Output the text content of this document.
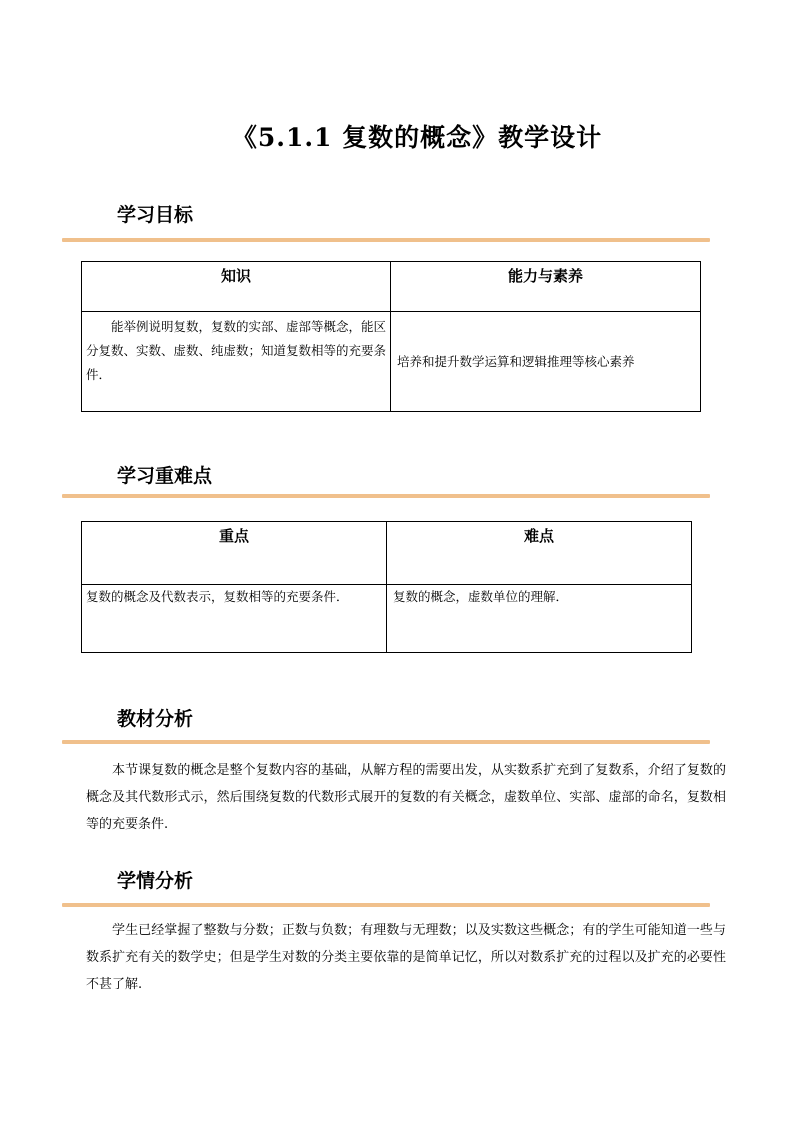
《5.1.1 复数的概念》教学设计
学习目标
知识	能力与素养

能举例说明复数，复数的实部、虚部等概念，能区分复数、实数、虚数、纯虚数；知道复数相等的充要条件．	培养和提升数学运算和逻辑推理等核心素养
学习重难点
重点	难点

复数的概念及代数表示，复数相等的充要条件．	复数的概念，虚数单位的理解．
教材分析
本节课复数的概念是整个复数内容的基础，从解方程的需要出发，从实数系扩充到了复数系，介绍了复数的概念及其代数形式示，然后围绕复数的代数形式展开的复数的有关概念，虚数单位、实部、虚部的命名，复数相等的充要条件.
学情分析
学生已经掌握了整数与分数；正数与负数；有理数与无理数；以及实数这些概念；有的学生可能知道一些与数系扩充有关的数学史；但是学生对数的分类主要依靠的是简单记忆，所以对数系扩充的过程以及扩充的必要性不甚了解.
